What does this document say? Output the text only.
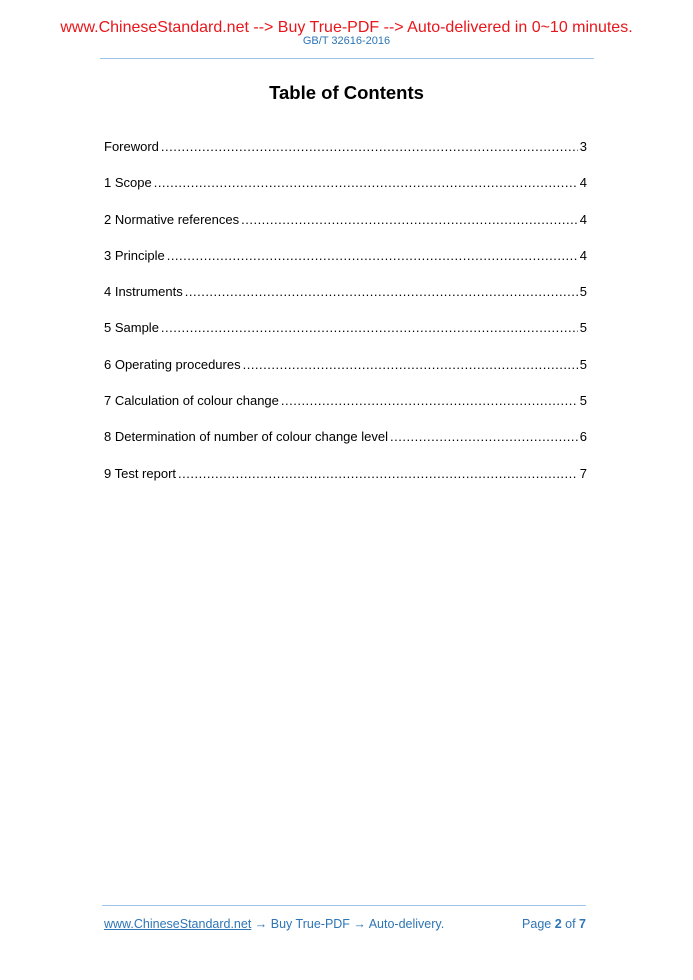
www.ChineseStandard.net --> Buy True-PDF --> Auto-delivered in 0~10 minutes.
GB/T 32616-2016
Table of Contents
Foreword .....	3
1 Scope .....	4
2 Normative references .....	4
3 Principle .....	4
4 Instruments .....	5
5 Sample .....	5
6 Operating procedures .....	5
7 Calculation of colour change .....	5
8 Determination of number of colour change level .....	6
9 Test report .....	7
www.ChineseStandard.net → Buy True-PDF → Auto-delivery.	Page 2 of 7
